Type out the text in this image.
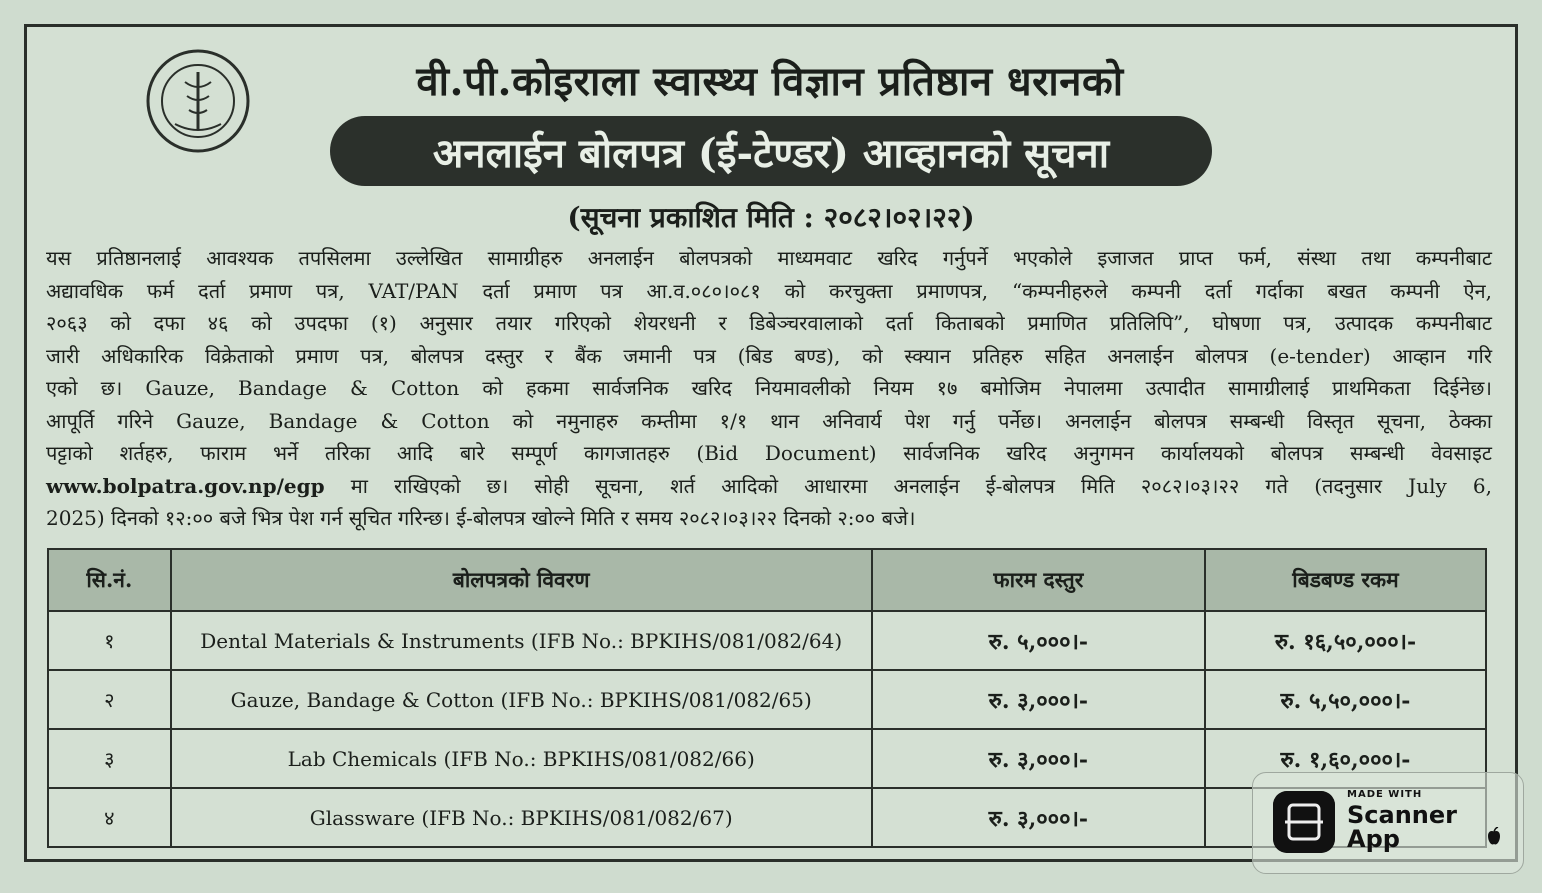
वी.पी.कोइराला स्वास्थ्य विज्ञान प्रतिष्ठान धरानको
अनलाईन बोलपत्र (ई-टेण्डर) आव्हानको सूचना
(सूचना प्रकाशित मिति : २०८२।०२।२२)
यस प्रतिष्ठानलाई आवश्यक तपसिलमा उल्लेखित सामाग्रीहरु अनलाईन बोलपत्रको माध्यमवाट खरिद गर्नुपर्ने भएकोले इजाजत प्राप्त फर्म, संस्था तथा कम्पनीबाट
अद्यावधिक फर्म दर्ता प्रमाण पत्र, VAT/PAN दर्ता प्रमाण पत्र आ.व.०८०।०८१ को करचुक्ता प्रमाणपत्र, “कम्पनीहरुले कम्पनी दर्ता गर्दाका बखत कम्पनी ऐन,
२०६३ को दफा ४६ को उपदफा (१) अनुसार तयार गरिएको शेयरधनी र डिबेञ्चरवालाको दर्ता किताबको प्रमाणित प्रतिलिपि”, घोषणा पत्र, उत्पादक कम्पनीबाट
जारी अधिकारिक विक्रेताको प्रमाण पत्र, बोलपत्र दस्तुर र बैंक जमानी पत्र (बिड बण्ड), को स्क्यान प्रतिहरु सहित अनलाईन बोलपत्र (e-tender) आव्हान गरि
एको छ। Gauze, Bandage & Cotton को हकमा सार्वजनिक खरिद नियमावलीको नियम १७ बमोजिम नेपालमा उत्पादीत सामाग्रीलाई प्राथमिकता दिईनेछ।
आपूर्ति गरिने Gauze, Bandage & Cotton को नमुनाहरु कम्तीमा १/१ थान अनिवार्य पेश गर्नु पर्नेछ। अनलाईन बोलपत्र सम्बन्धी विस्तृत सूचना, ठेक्का
पट्टाको शर्तहरु, फाराम भर्ने तरिका आदि बारे सम्पूर्ण कागजातहरु (Bid Document) सार्वजनिक खरिद अनुगमन कार्यालयको बोलपत्र सम्बन्धी वेवसाइट
www.bolpatra.gov.np/egp मा राखिएको छ। सोही सूचना, शर्त आदिको आधारमा अनलाईन ई-बोलपत्र मिति २०८२।०३।२२ गते (तदनुसार July 6,
2025) दिनको १२:०० बजे भित्र पेश गर्न सूचित गरिन्छ। ई-बोलपत्र खोल्ने मिति र समय २०८२।०३।२२ दिनको २:०० बजे।
सि.नं.	बोलपत्रको विवरण	फारम दस्तुर	बिडबण्ड रकम
१	Dental Materials & Instruments (IFB No.: BPKIHS/081/082/64)	रु. ५,०००।-	रु. १६,५०,०००।-
२	Gauze, Bandage & Cotton (IFB No.: BPKIHS/081/082/65)	रु. ३,०००।-	रु. ५,५०,०००।-
३	Lab Chemicals (IFB No.: BPKIHS/081/082/66)	रु. ३,०००।-	रु. १,६०,०००।-
४	Glassware (IFB No.: BPKIHS/081/082/67)	रु. ३,०००।-	
MADE WITH
Scanner
App
